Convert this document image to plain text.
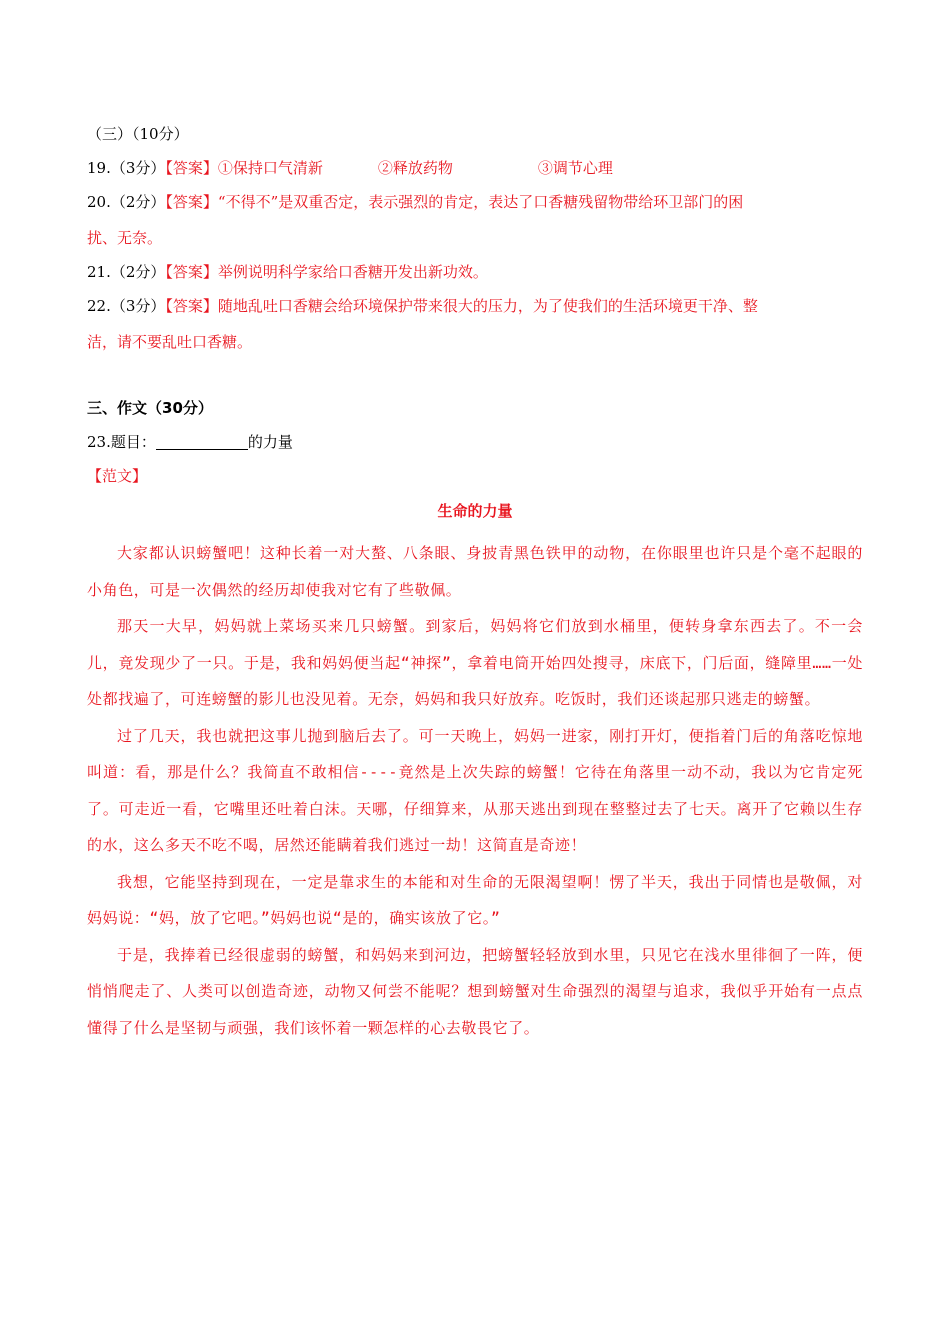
（三）（10分）
19.（3分）【答案】①保持口气清新	②释放药物	③调节心理
20.（2分）【答案】“不得不”是双重否定，表示强烈的肯定，表达了口香糖残留物带给环卫部门的困
扰、无奈。
21.（2分）【答案】举例说明科学家给口香糖开发出新功效。
22.（3分）【答案】随地乱吐口香糖会给环境保护带来很大的压力，为了使我们的生活环境更干净、整
洁，请不要乱吐口香糖。
三、作文（30分）
23.题目：	的力量
【范文】
生命的力量

大家都认识螃蟹吧！这种长着一对大螯、八条眼、身披青黑色铁甲的动物，在你眼里也许只是个毫不起眼的小角色，可是一次偶然的经历却使我对它有了些敬佩。

那天一大早，妈妈就上菜场买来几只螃蟹。到家后，妈妈将它们放到水桶里，便转身拿东西去了。不一会儿，竟发现少了一只。于是，我和妈妈便当起“神探”，拿着电筒开始四处搜寻，床底下，门后面，缝障里……一处处都找遍了，可连螃蟹的影儿也没见着。无奈，妈妈和我只好放弃。吃饭时，我们还谈起那只逃走的螃蟹。

过了几天，我也就把这事儿抛到脑后去了。可一天晚上，妈妈一进家，刚打开灯，便指着门后的角落吃惊地叫道：看，那是什么？我简直不敢相信----竟然是上次失踪的螃蟹！它待在角落里一动不动，我以为它肯定死了。可走近一看，它嘴里还吐着白沫。天哪，仔细算来，从那天逃出到现在整整过去了七天。离开了它赖以生存的水，这么多天不吃不喝，居然还能瞒着我们逃过一劫！这简直是奇迹！

我想，它能坚持到现在，一定是靠求生的本能和对生命的无限渴望啊！愣了半天，我出于同情也是敬佩，对妈妈说：“妈，放了它吧。”妈妈也说“是的，确实该放了它。”

于是，我捧着已经很虚弱的螃蟹，和妈妈来到河边，把螃蟹轻轻放到水里，只见它在浅水里徘徊了一阵，便悄悄爬走了、人类可以创造奇迹，动物又何尝不能呢？想到螃蟹对生命强烈的渴望与追求，我似乎开始有一点点懂得了什么是坚韧与顽强，我们该怀着一颗怎样的心去敬畏它了。
